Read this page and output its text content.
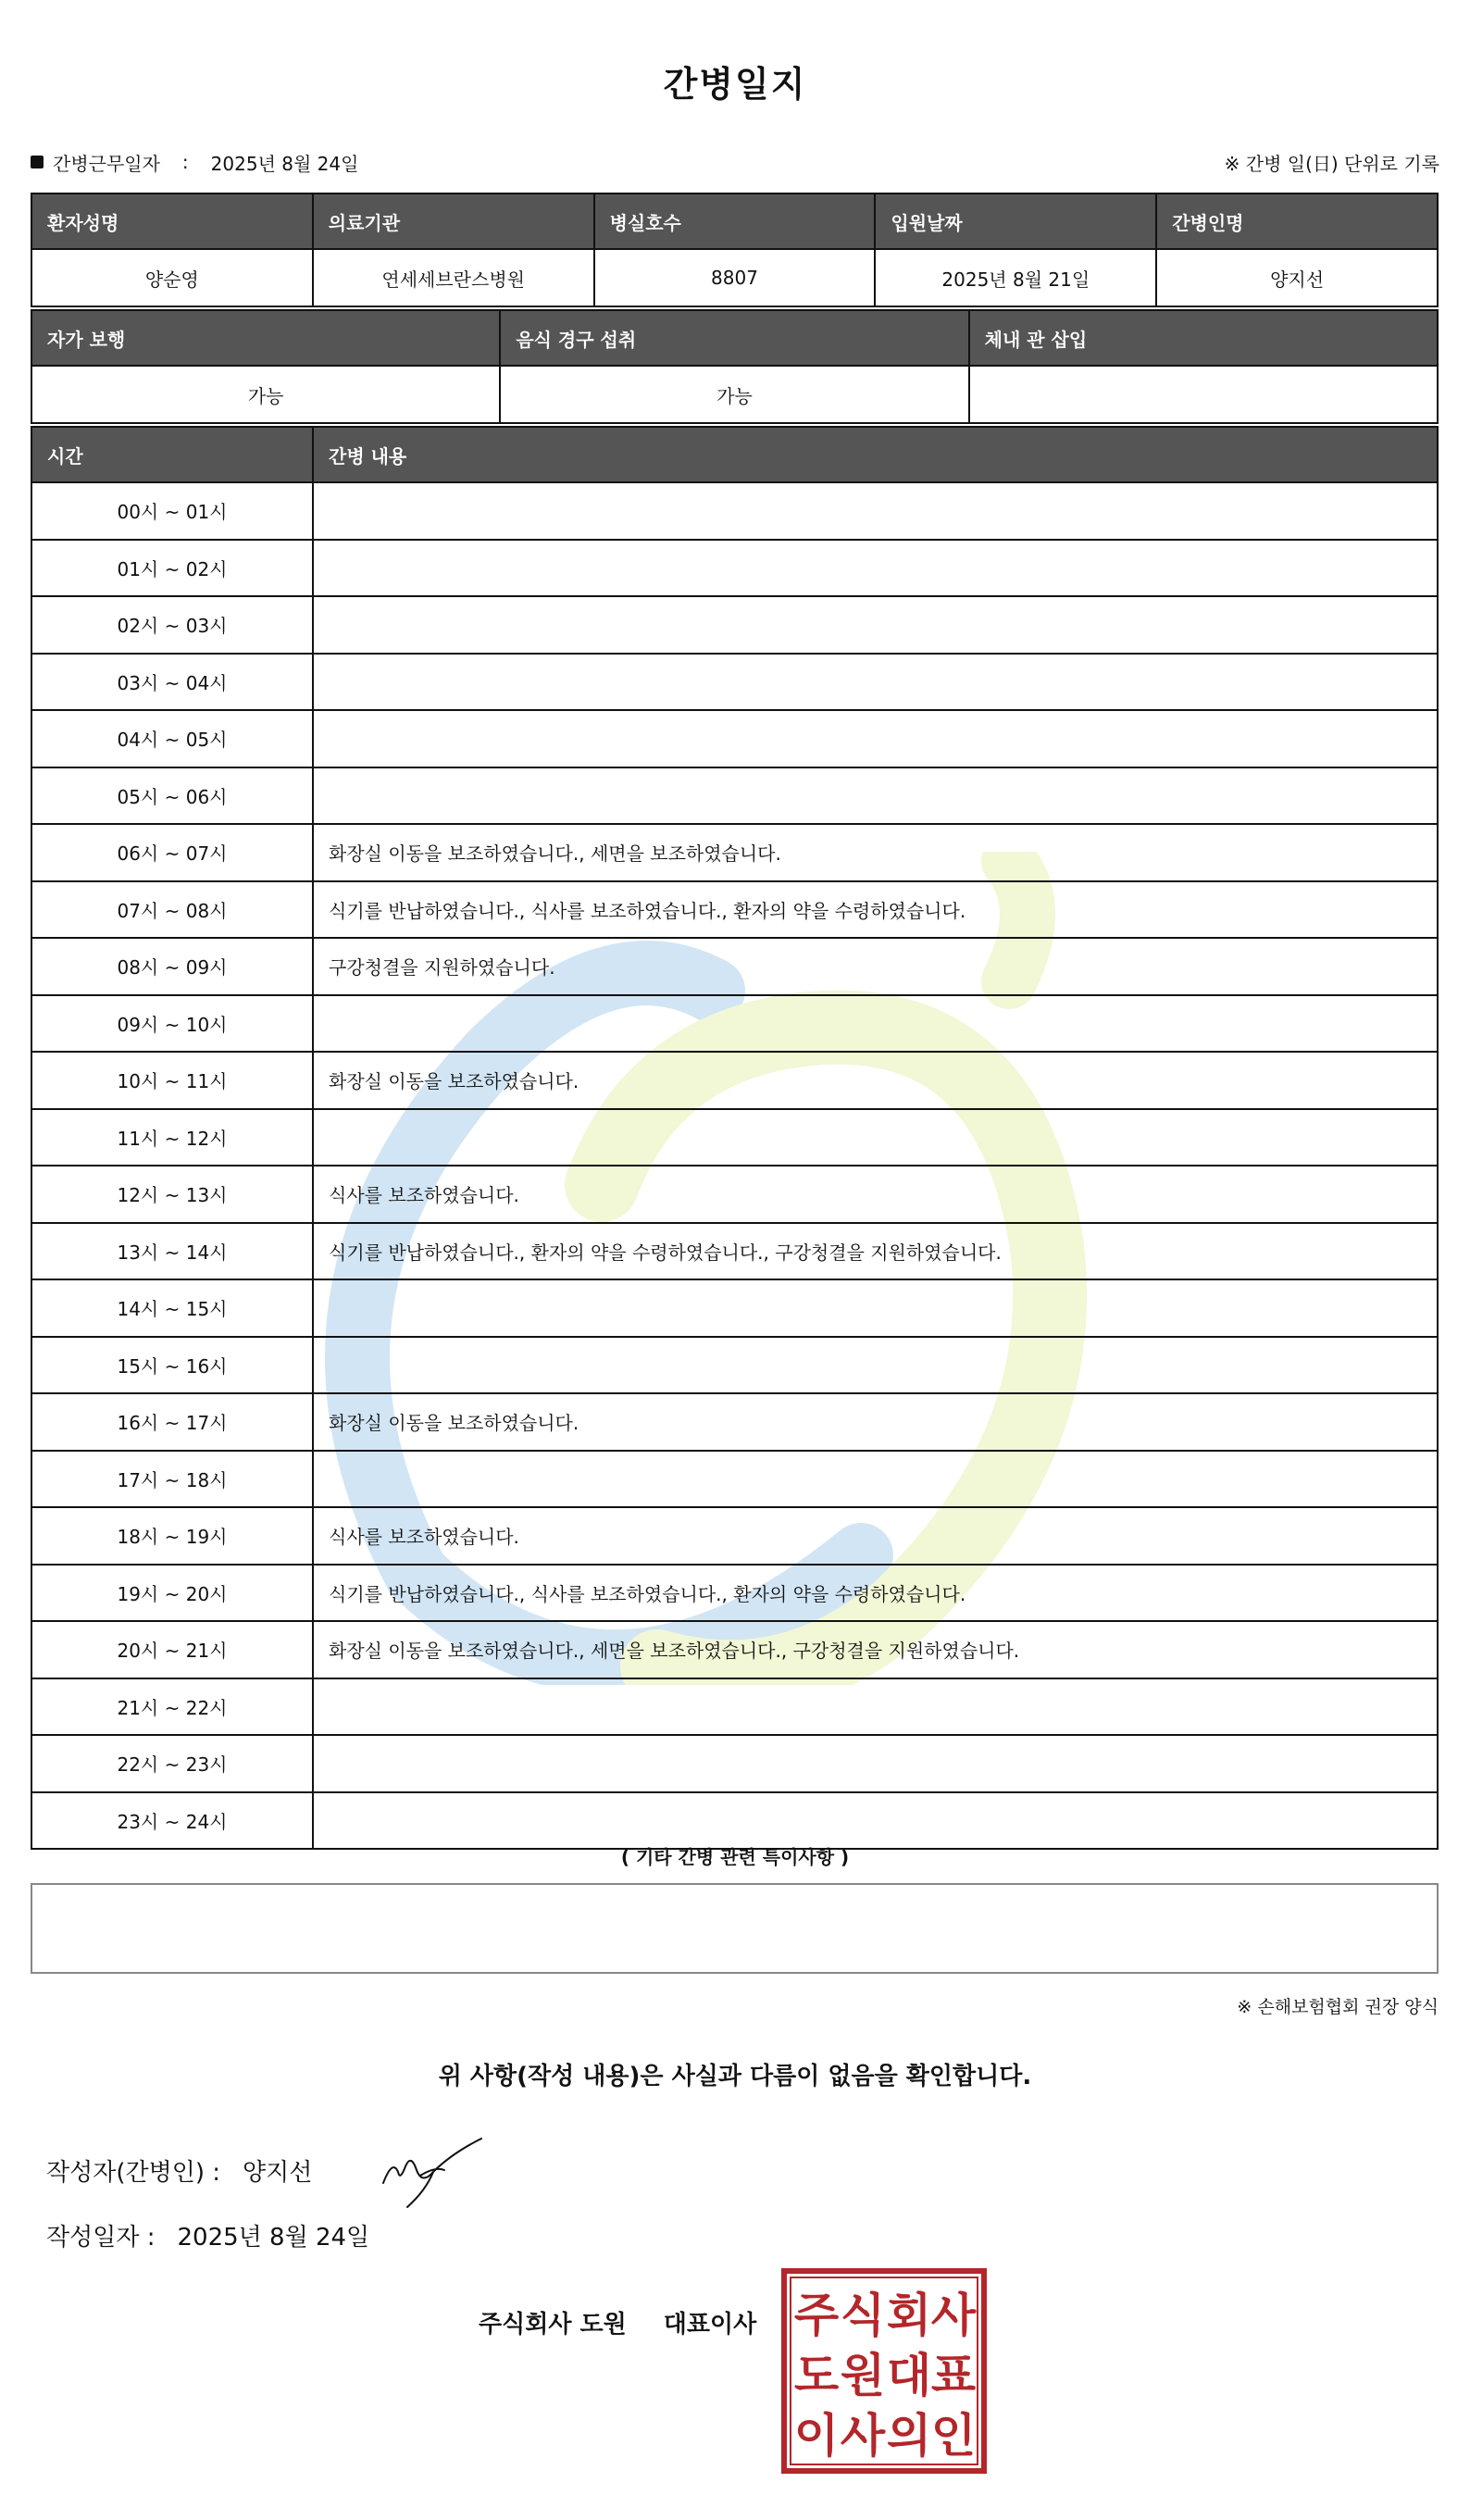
간병일지
간병근무일자 : 2025년 8월 24일	※ 간병 일(日) 단위로 기록
환자성명	의료기관	병실호수	입원날짜	간병인명
양순영	연세세브란스병원	8807	2025년 8월 21일	양지선
자가 보행	음식 경구 섭취	체내 관 삽입
가능	가능	
시간	간병 내용
00시 ~ 01시	
01시 ~ 02시	
02시 ~ 03시	
03시 ~ 04시	
04시 ~ 05시	
05시 ~ 06시	
06시 ~ 07시	화장실 이동을 보조하였습니다., 세면을 보조하였습니다.
07시 ~ 08시	식기를 반납하였습니다., 식사를 보조하였습니다., 환자의 약을 수령하였습니다.
08시 ~ 09시	구강청결을 지원하였습니다.
09시 ~ 10시	
10시 ~ 11시	화장실 이동을 보조하였습니다.
11시 ~ 12시	
12시 ~ 13시	식사를 보조하였습니다.
13시 ~ 14시	식기를 반납하였습니다., 환자의 약을 수령하였습니다., 구강청결을 지원하였습니다.
14시 ~ 15시	
15시 ~ 16시	
16시 ~ 17시	화장실 이동을 보조하였습니다.
17시 ~ 18시	
18시 ~ 19시	식사를 보조하였습니다.
19시 ~ 20시	식기를 반납하였습니다., 식사를 보조하였습니다., 환자의 약을 수령하였습니다.
20시 ~ 21시	화장실 이동을 보조하였습니다., 세면을 보조하였습니다., 구강청결을 지원하였습니다.
21시 ~ 22시	
22시 ~ 23시	
23시 ~ 24시	
( 기타 간병 관련 특이사항 )
※ 손해보험협회 권장 양식
위 사항(작성 내용)은 사실과 다름이 없음을 확인합니다.
작성자(간병인) : 양지선
작성일자 : 2025년 8월 24일
주식회사 도원 대표이사 주 식 회 사
도 원 대 표
이 사 의 인
